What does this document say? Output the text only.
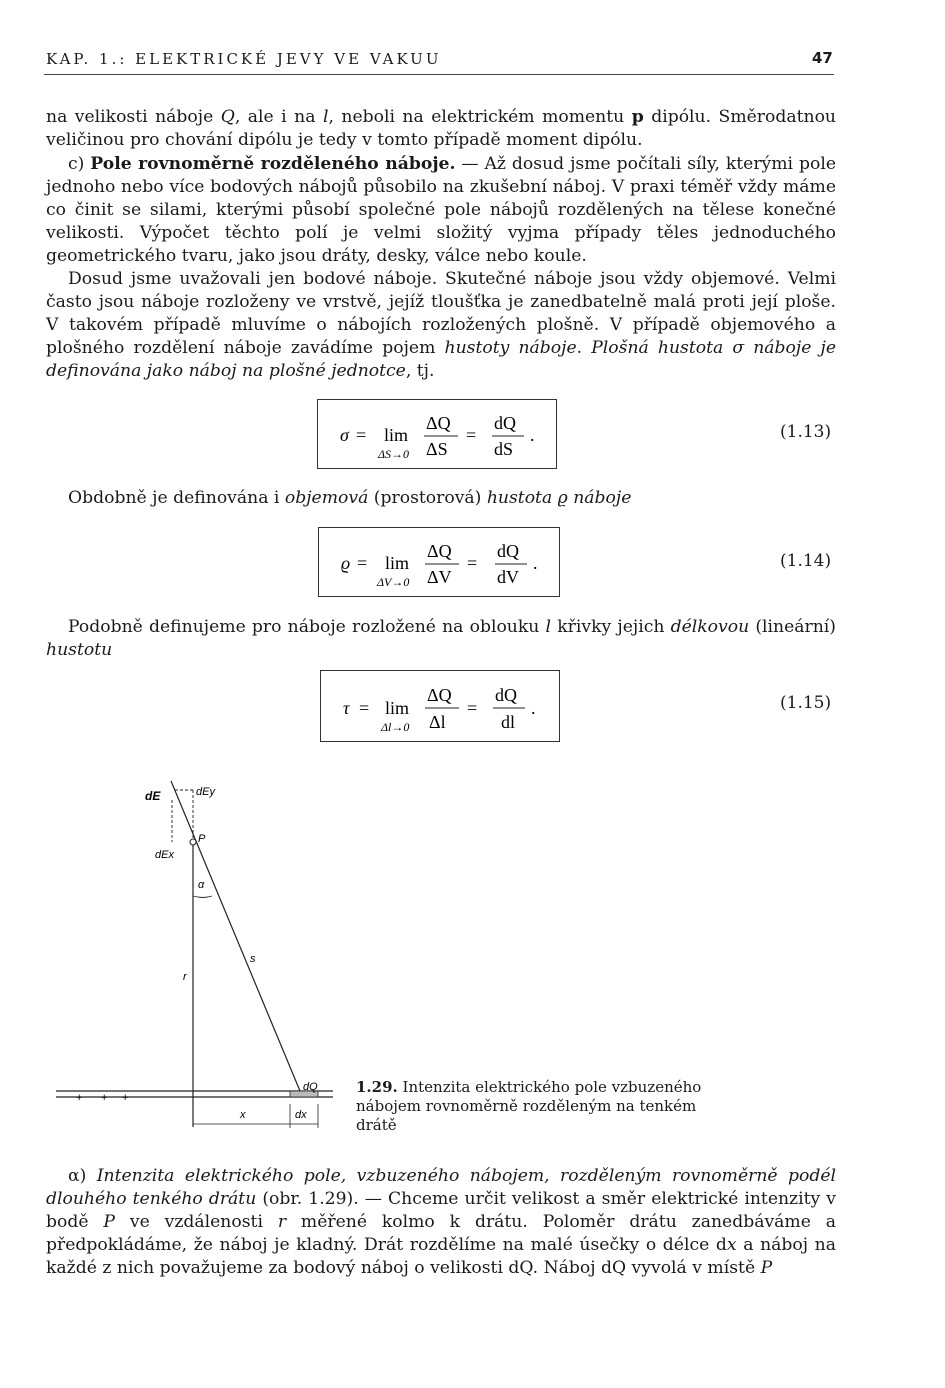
KAP. 1.: ELEKTRICKÉ JEVY VE VAKUU	47

na velikosti náboje Q, ale i na l, neboli na elektrickém momentu p dipólu. Směrodatnou veličinou pro chování dipólu je tedy v tomto případě moment dipólu.

c) Pole rovnoměrně rozděleného náboje. — Až dosud jsme počítali síly, kterými pole jednoho nebo více bodových nábojů působilo na zkušební náboj. V praxi téměř vždy máme co činit se silami, kterými působí společné pole nábojů rozdělených na tělese konečné velikosti. Výpočet těchto polí je velmi složitý vyjma případy těles jednoduchého geometrického tvaru, jako jsou dráty, desky, válce nebo koule.

Dosud jsme uvažovali jen bodové náboje. Skutečné náboje jsou vždy objemové. Velmi často jsou náboje rozloženy ve vrstvě, jejíž tloušťka je zanedbatelně malá proti její ploše. V takovém případě mluvíme o nábojích rozložených plošně. V případě objemového a plošného rozdělení náboje zavádíme pojem hustoty náboje. Plošná hustota σ náboje je definována jako náboj na plošné jednotce, tj.

σ = lim
ΔS→0
ΔQ
ΔS
=
dQ
dS
.	(1.13)

Obdobně je definována i objemová (prostorová) hustota ϱ náboje

ϱ = lim
ΔV→0
ΔQ
ΔV
=
dQ
dV
.	(1.14)

Podobně definujeme pro náboje rozložené na oblouku l křivky jejich délkovou (lineární) hustotu

τ = lim
Δl→0
ΔQ
Δl
=
dQ
dl
.	(1.15)
+ + +
dE	dEy
P
dEx
α
s
r
dQ
x	dx

1.29. Intenzita elektrického pole vzbuzeného nábojem rovnoměrně rozděleným na tenkém drátě

α) Intenzita elektrického pole, vzbuzeného nábojem, rozděleným rovnoměrně podél dlouhého tenkého drátu (obr. 1.29). — Chceme určit velikost a směr elektrické intenzity v bodě P ve vzdálenosti r měřené kolmo k drátu. Poloměr drátu zanedbáváme a předpokládáme, že náboj je kladný. Drát rozdělíme na malé úsečky o délce dx a náboj na každé z nich považujeme za bodový náboj o velikosti dQ. Náboj dQ vyvolá v místě P
